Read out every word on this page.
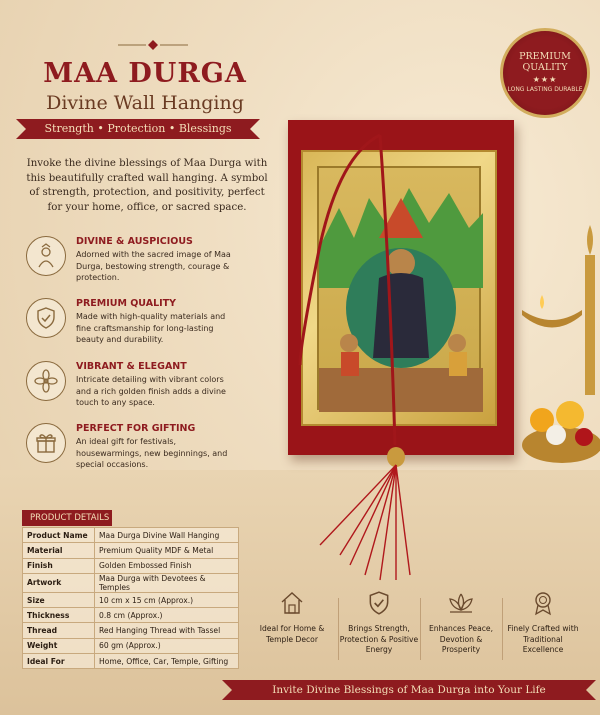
MAA DURGA
Divine Wall Hanging
Strength • Protection • Blessings
Invoke the divine blessings of Maa Durga with this beautifully crafted wall hanging. A symbol of strength, protection, and positivity, perfect for your home, office, or sacred space.
DIVINE & AUSPICIOUS
Adorned with the sacred image of Maa Durga, bestowing strength, courage & protection.
PREMIUM QUALITY
Made with high-quality materials and fine craftsmanship for long-lasting beauty and durability.
VIBRANT & ELEGANT
Intricate detailing with vibrant colors and a rich golden finish adds a divine touch to any space.
PERFECT FOR GIFTING
An ideal gift for festivals, housewarmings, new beginnings, and special occasions.
PRODUCT DETAILS
Product Name	Maa Durga Divine Wall Hanging
Material	Premium Quality MDF & Metal
Finish	Golden Embossed Finish
Artwork	Maa Durga with Devotees & Temples
Size	10 cm x 15 cm (Approx.)
Thickness	0.8 cm (Approx.)
Thread	Red Hanging Thread with Tassel
Weight	60 gm (Approx.)
Ideal For	Home, Office, Car, Temple, Gifting
PREMIUM QUALITY
★★★
LONG LASTING DURABLE
Ideal for Home & Temple Decor
Brings Strength, Protection & Positive Energy
Enhances Peace, Devotion & Prosperity
Finely Crafted with Traditional Excellence
Invite Divine Blessings of Maa Durga into Your Life
